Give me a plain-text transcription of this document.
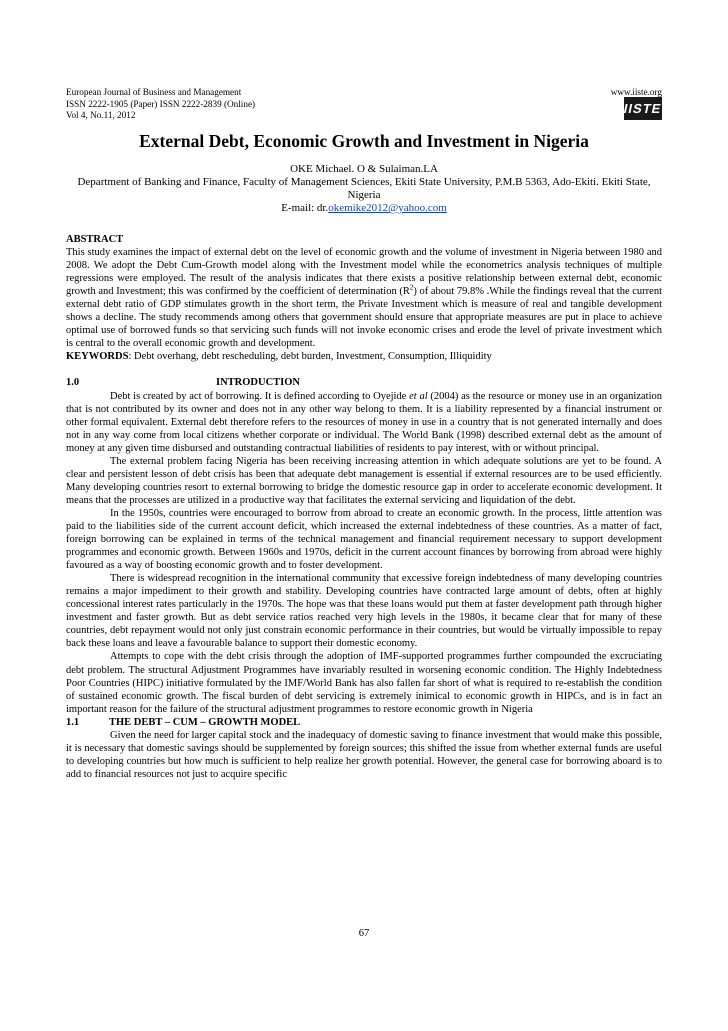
European Journal of Business and Management	www.iiste.org
ISSN 2222-1905 (Paper) ISSN 2222-2839 (Online)
Vol 4, No.11, 2012	IISTE
External Debt, Economic Growth and Investment in Nigeria
OKE Michael. O & Sulaiman.LA
Department of Banking and Finance, Faculty of Management Sciences, Ekiti State University, P.M.B 5363, Ado-Ekiti. Ekiti State, Nigeria
E-mail: dr.okemike2012@yahoo.com

ABSTRACT

This study examines the impact of external debt on the level of economic growth and the volume of investment in Nigeria between 1980 and 2008. We adopt the Debt Cum-Growth model along with the Investment model while the econometrics analysis techniques of multiple regressions were employed. The result of the analysis indicates that there exists a positive relationship between external debt, economic growth and Investment; this was confirmed by the coefficient of determination $(R^2)$ of about 79.8% .While the findings reveal that the current external debt ratio of GDP stimulates growth in the short term, the Private Investment which is measure of real and tangible development shows a decline. The study recommends among others that government should ensure that appropriate measures are put in place to achieve optimal use of borrowed funds so that servicing such funds will not invoke economic crises and erode the level of private investment which is central to the overall economic growth and development.

KEYWORDS: Debt overhang, debt rescheduling, debt burden, Investment, Consumption, Illiquidity

1.0	INTRODUCTION

Debt is created by act of borrowing. It is defined according to Oyejide et al (2004) as the resource or money use in an organization that is not contributed by its owner and does not in any other way belong to them. It is a liability represented by a financial instrument or other formal equivalent. External debt therefore refers to the resources of money in use in a country that is not generated internally and does not in any way come from local citizens whether corporate or individual. The World Bank (1998) described external debt as the amount of money at any given time disbursed and outstanding contractual liabilities of residents to pay interest, with or without principal.

The external problem facing Nigeria has been receiving increasing attention in which adequate solutions are yet to be found. A clear and persistent lesson of debt crisis has been that adequate debt management is essential if external resources are to be used efficiently. Many developing countries resort to external borrowing to bridge the domestic resource gap in order to accelerate economic development. It means that the processes are utilized in a productive way that facilitates the external servicing and liquidation of the debt.

In the 1950s, countries were encouraged to borrow from abroad to create an economic growth. In the process, little attention was paid to the liabilities side of the current account deficit, which increased the external indebtedness of these countries. As a matter of fact, foreign borrowing can be explained in terms of the technical management and financial requirement necessary to support development programmes and economic growth. Between 1960s and 1970s, deficit in the current account finances by borrowing from abroad were highly favoured as a way of boosting economic growth and to foster development.

There is widespread recognition in the international community that excessive foreign indebtedness of many developing countries remains a major impediment to their growth and stability. Developing countries have contracted large amount of debts, often at highly concessional interest rates particularly in the 1970s. The hope was that these loans would put them at faster development path through higher investment and faster growth. But as debt service ratios reached very high levels in the 1980s, it became clear that for many of these countries, debt repayment would not only just constrain economic performance in their countries, but would be virtually impossible to repay back these loans and leave a favourable balance to support their domestic economy.

Attempts to cope with the debt crisis through the adoption of IMF-supported programmes further compounded the excruciating debt problem. The structural Adjustment Programmes have invariably resulted in worsening economic condition. The Highly Indebtedness Poor Countries (HIPC) initiative formulated by the IMF/World Bank has also fallen far short of what is required to re-establish the condition of sustained economic growth. The fiscal burden of debt servicing is extremely inimical to economic growth in HIPCs, and is in fact an important reason for the failure of the structural adjustment programmes to restore economic growth in Nigeria

1.1	THE DEBT – CUM – GROWTH MODEL

Given the need for larger capital stock and the inadequacy of domestic saving to finance investment that would make this possible, it is necessary that domestic savings should be supplemented by foreign sources; this shifted the issue from whether external funds are useful to developing countries but how much is sufficient to help realize her growth potential. However, the general case for borrowing aboard is to add to financial resources not just to acquire specific

67
